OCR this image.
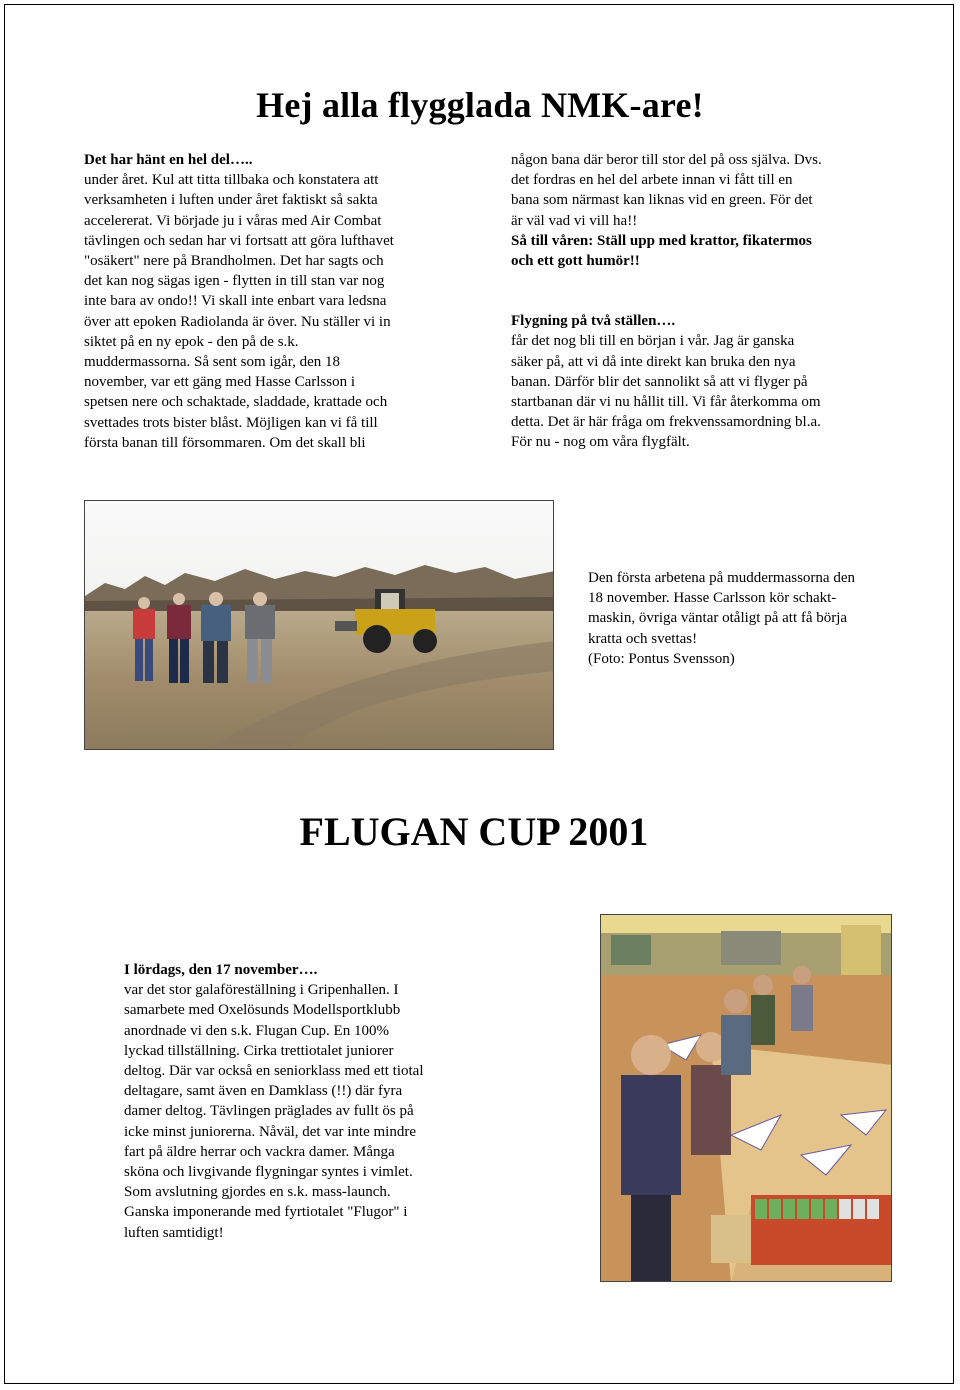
Hej alla flygglada NMK-are!

Det har hänt en hel del…..

under året. Kul att titta tillbaka och konstatera att

verksamheten i luften under året faktiskt så sakta

accelererat. Vi började ju i våras med Air Combat

tävlingen och sedan har vi fortsatt att göra lufthavet

"osäkert" nere på Brandholmen. Det har sagts och

det kan nog sägas igen - flytten in till stan var nog

inte bara av ondo!! Vi skall inte enbart vara ledsna

över att epoken Radiolanda är över. Nu ställer vi in

siktet på en ny epok - den på de s.k.

muddermassorna. Så sent som igår, den 18

november, var ett gäng med Hasse Carlsson i

spetsen nere och schaktade, sladdade, krattade och

svettades trots bister blåst. Möjligen kan vi få till

första banan till försommaren. Om det skall bli

någon bana där beror till stor del på oss själva. Dvs.

det fordras en hel del arbete innan vi fått till en

bana som närmast kan liknas vid en green. För det

är väl vad vi vill ha!!

Så till våren: Ställ upp med krattor, fikatermos

och ett gott humör!!

Flygning på två ställen….

får det nog bli till en början i vår. Jag är ganska

säker på, att vi då inte direkt kan bruka den nya

banan. Därför blir det sannolikt så att vi flyger på

startbanan där vi nu hållit till. Vi får återkomma om

detta. Det är här fråga om frekvenssamordning bl.a.

För nu - nog om våra flygfält.

Den första arbetena på muddermassorna den

18 november. Hasse Carlsson kör schakt-

maskin, övriga väntar otåligt på att få börja

kratta och svettas!

(Foto: Pontus Svensson)

FLUGAN CUP 2001

I lördags, den 17 november….

var det stor galaföreställning i Gripenhallen. I

samarbete med Oxelösunds Modellsportklubb

anordnade vi den s.k. Flugan Cup. En 100%

lyckad tillställning. Cirka trettiotalet juniorer

deltog. Där var också en seniorklass med ett tiotal

deltagare, samt även en Damklass (!!) där fyra

damer deltog. Tävlingen präglades av fullt ös på

icke minst juniorerna. Nåväl, det var inte mindre

fart på äldre herrar och vackra damer. Många

sköna och livgivande flygningar syntes i vimlet.

Som avslutning gjordes en s.k. mass-launch.

Ganska imponerande med fyrtiotalet "Flugor" i

luften samtidigt!
